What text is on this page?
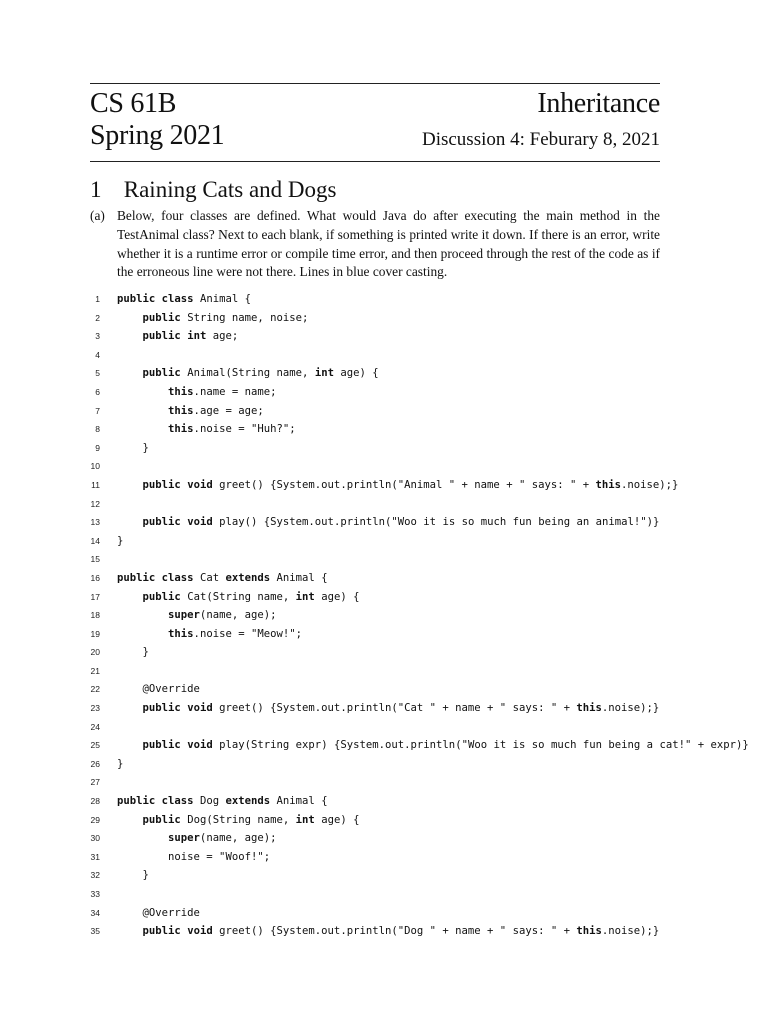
CS 61B
Spring 2021
Inheritance
Discussion 4: Feburary 8, 2021
1 Raining Cats and Dogs
(a) Below, four classes are defined. What would Java do after executing the main method in the TestAnimal class? Next to each blank, if something is printed write it down. If there is an error, write whether it is a runtime error or compile time error, and then proceed through the rest of the code as if the erroneous line were not there. Lines in blue cover casting.
1 public class Animal {
2	public String name, noise;
3	public int age;
4
5	public Animal(String name, int age) {
6	this.name = name;
7	this.age = age;
8	this.noise = "Huh?";
9 }
10
11	public void greet() {System.out.println("Animal " + name + " says: " + this.noise);}
12
13	public void play() {System.out.println("Woo it is so much fun being an animal!")}
14 }
15
16 public class Cat extends Animal {
17	public Cat(String name, int age) {
18	super(name, age);
19	this.noise = "Meow!";
20 }
21
22 @Override
23	public void greet() {System.out.println("Cat " + name + " says: " + this.noise);}
24
25	public void play(String expr) {System.out.println("Woo it is so much fun being a cat!" + expr)}
26 }
27
28 public class Dog extends Animal {
29	public Dog(String name, int age) {
30	super(name, age);
31	noise = "Woof!";
32 }
33
34 @Override
35	public void greet() {System.out.println("Dog " + name + " says: " + this.noise);}
